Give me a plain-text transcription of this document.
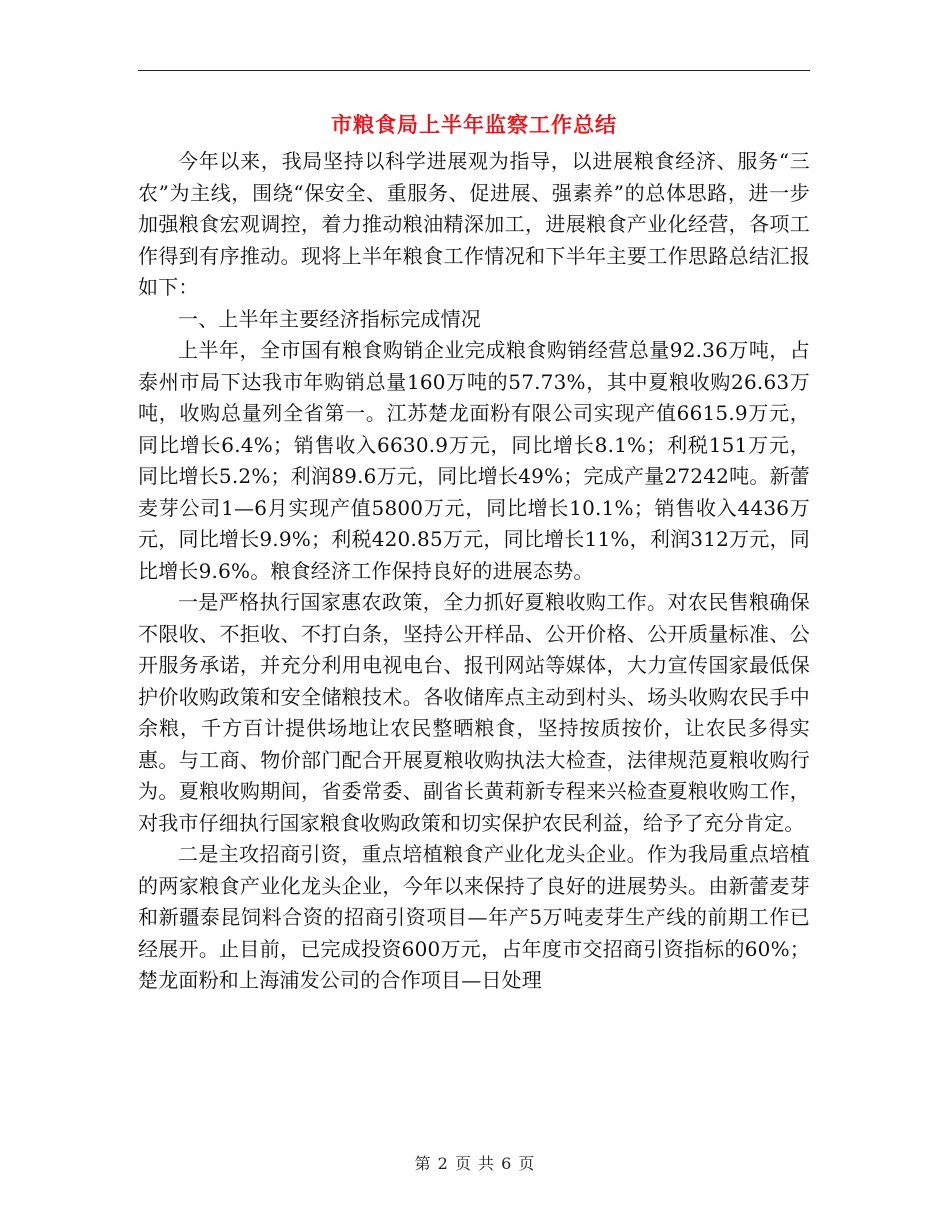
市粮食局上半年监察工作总结

今年以来，我局坚持以科学进展观为指导，以进展粮食经济、服务“三农”为主线，围绕“保安全、重服务、促进展、强素养”的总体思路，进一步加强粮食宏观调控，着力推动粮油精深加工，进展粮食产业化经营，各项工作得到有序推动。现将上半年粮食工作情况和下半年主要工作思路总结汇报如下：

一、上半年主要经济指标完成情况

上半年，全市国有粮食购销企业完成粮食购销经营总量92.36万吨，占泰州市局下达我市年购销总量160万吨的57.73%，其中夏粮收购26.63万吨，收购总量列全省第一。江苏楚龙面粉有限公司实现产值6615.9万元，同比增长6.4%；销售收入6630.9万元，同比增长8.1%；利税151万元，同比增长5.2%；利润89.6万元，同比增长49%；完成产量27242吨。新蕾麦芽公司1—6月实现产值5800万元，同比增长10.1%；销售收入4436万元，同比增长9.9%；利税420.85万元，同比增长11%，利润312万元，同比增长9.6%。粮食经济工作保持良好的进展态势。

一是严格执行国家惠农政策，全力抓好夏粮收购工作。对农民售粮确保不限收、不拒收、不打白条，坚持公开样品、公开价格、公开质量标准、公开服务承诺，并充分利用电视电台、报刊网站等媒体，大力宣传国家最低保护价收购政策和安全储粮技术。各收储库点主动到村头、场头收购农民手中余粮，千方百计提供场地让农民整晒粮食，坚持按质按价，让农民多得实惠。与工商、物价部门配合开展夏粮收购执法大检查，法律规范夏粮收购行为。夏粮收购期间，省委常委、副省长黄莉新专程来兴检查夏粮收购工作，对我市仔细执行国家粮食收购政策和切实保护农民利益，给予了充分肯定。

二是主攻招商引资，重点培植粮食产业化龙头企业。作为我局重点培植的两家粮食产业化龙头企业，今年以来保持了良好的进展势头。由新蕾麦芽和新疆泰昆饲料合资的招商引资项目—年产5万吨麦芽生产线的前期工作已经展开。止目前，已完成投资600万元，占年度市交招商引资指标的60%；楚龙面粉和上海浦发公司的合作项目—日处理

第 2 页 共 6 页
